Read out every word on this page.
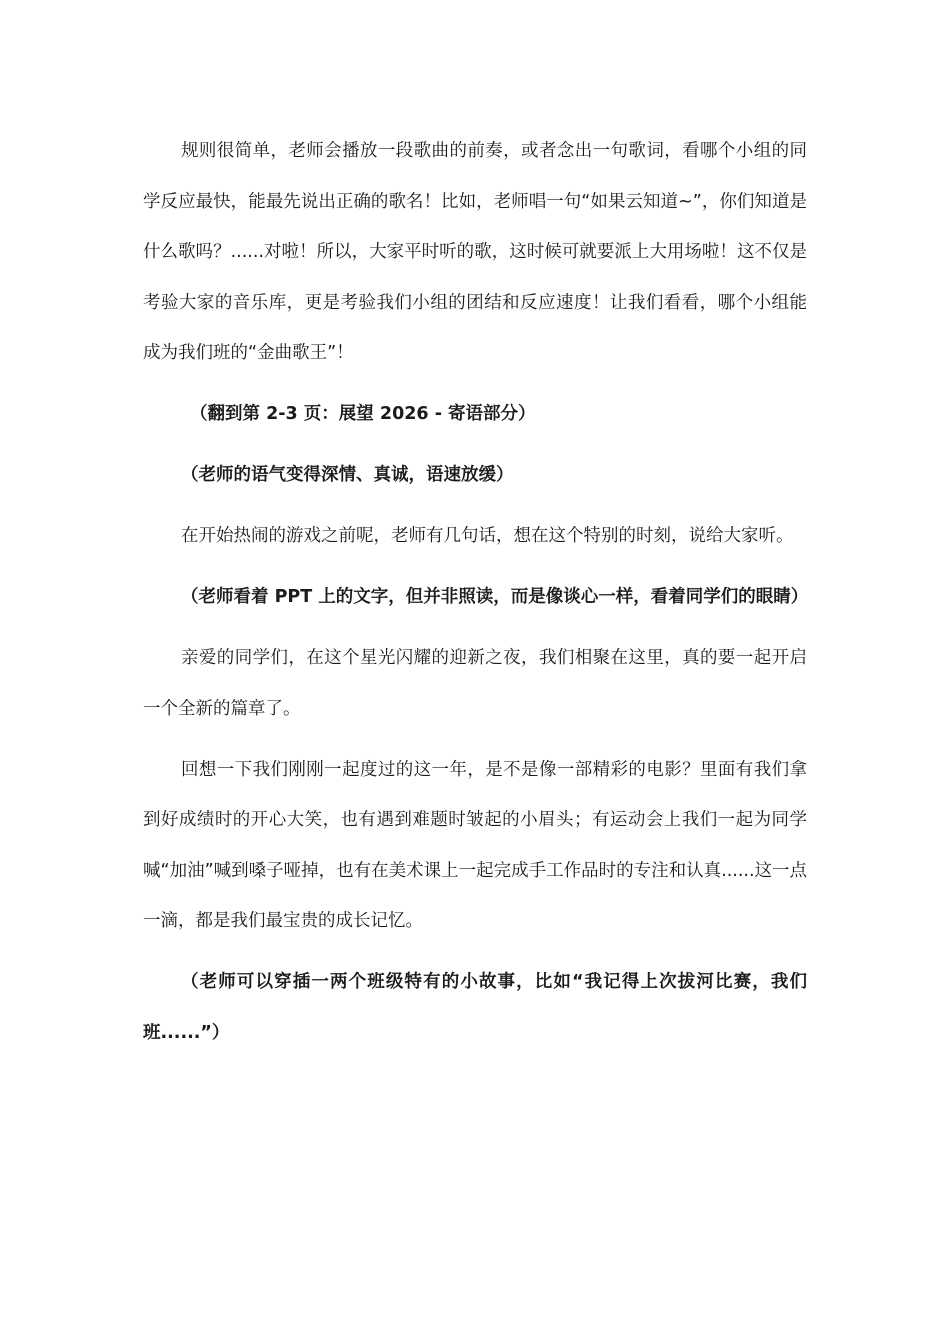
规则很简单，老师会播放一段歌曲的前奏，或者念出一句歌词，看哪个小组的同学反应最快，能最先说出正确的歌名！比如，老师唱一句“如果云知道~”，你们知道是什么歌吗？......对啦！所以，大家平时听的歌，这时候可就要派上大用场啦！这不仅是考验大家的音乐库，更是考验我们小组的团结和反应速度！让我们看看，哪个小组能成为我们班的“金曲歌王”！

（翻到第 2-3 页：展望 2026 - 寄语部分）

（老师的语气变得深情、真诚，语速放缓）

在开始热闹的游戏之前呢，老师有几句话，想在这个特别的时刻，说给大家听。

（老师看着 PPT 上的文字，但并非照读，而是像谈心一样，看着同学们的眼睛）

亲爱的同学们，在这个星光闪耀的迎新之夜，我们相聚在这里，真的要一起开启一个全新的篇章了。

回想一下我们刚刚一起度过的这一年，是不是像一部精彩的电影？里面有我们拿到好成绩时的开心大笑，也有遇到难题时皱起的小眉头；有运动会上我们一起为同学喊“加油”喊到嗓子哑掉，也有在美术课上一起完成手工作品时的专注和认真......这一点一滴，都是我们最宝贵的成长记忆。

（老师可以穿插一两个班级特有的小故事，比如“我记得上次拔河比赛，我们班......”）
